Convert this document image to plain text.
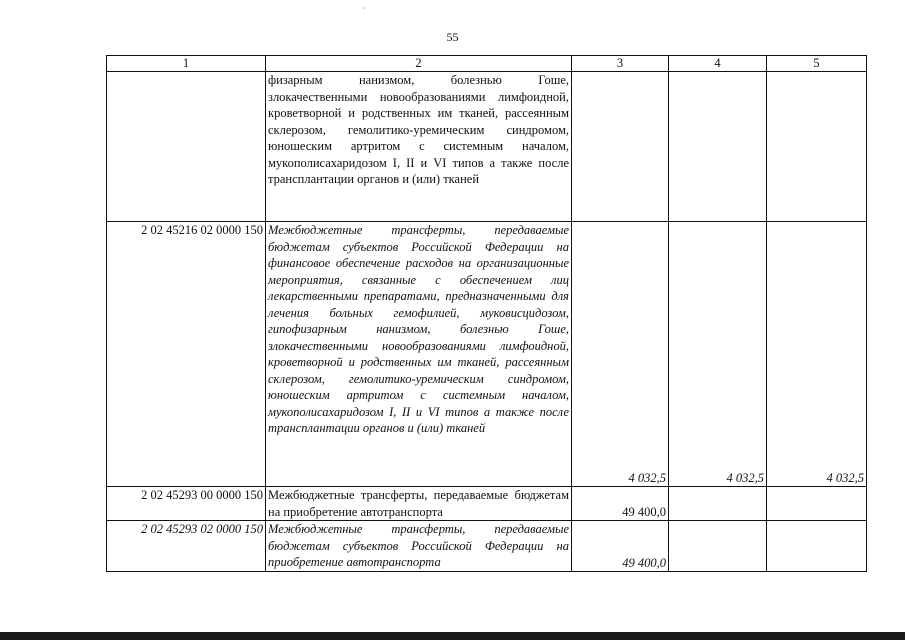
·
55
1	2	3	4	5
	физарным нанизмом, болезнью Гоше, злокачественными новообразованиями лимфоидной, кроветворной и родственных им тканей, рассеянным склерозом, гемолитико-уремическим синдромом, юношеским артритом с системным началом, мукополисахаридозом I, II и VI типов а также после трансплантации органов и (или) тканей			
2 02 45216 02 0000 150	Межбюджетные трансферты, передаваемые бюджетам субъектов Российской Федерации на финансовое обеспечение расходов на организационные мероприятия, связанные с обеспечением лиц лекарственными препаратами, предназначенными для лечения больных гемофилией, муковисцидозом, гипофизарным нанизмом, болезнью Гоше, злокачественными новообразованиями лимфоидной, кроветворной и родственных им тканей, рассеянным склерозом, гемолитико-уремическим синдромом, юношеским артритом с системным началом, мукополисахаридозом I, II и VI типов а также после трансплантации органов и (или) тканей	4 032,5	4 032,5	4 032,5
2 02 45293 00 0000 150	Межбюджетные трансферты, передаваемые бюджетам на приобретение автотранспорта	49 400,0		
2 02 45293 02 0000 150	Межбюджетные трансферты, передаваемые бюджетам субъектов Российской Федерации на приобретение автотранспорта	49 400,0		
